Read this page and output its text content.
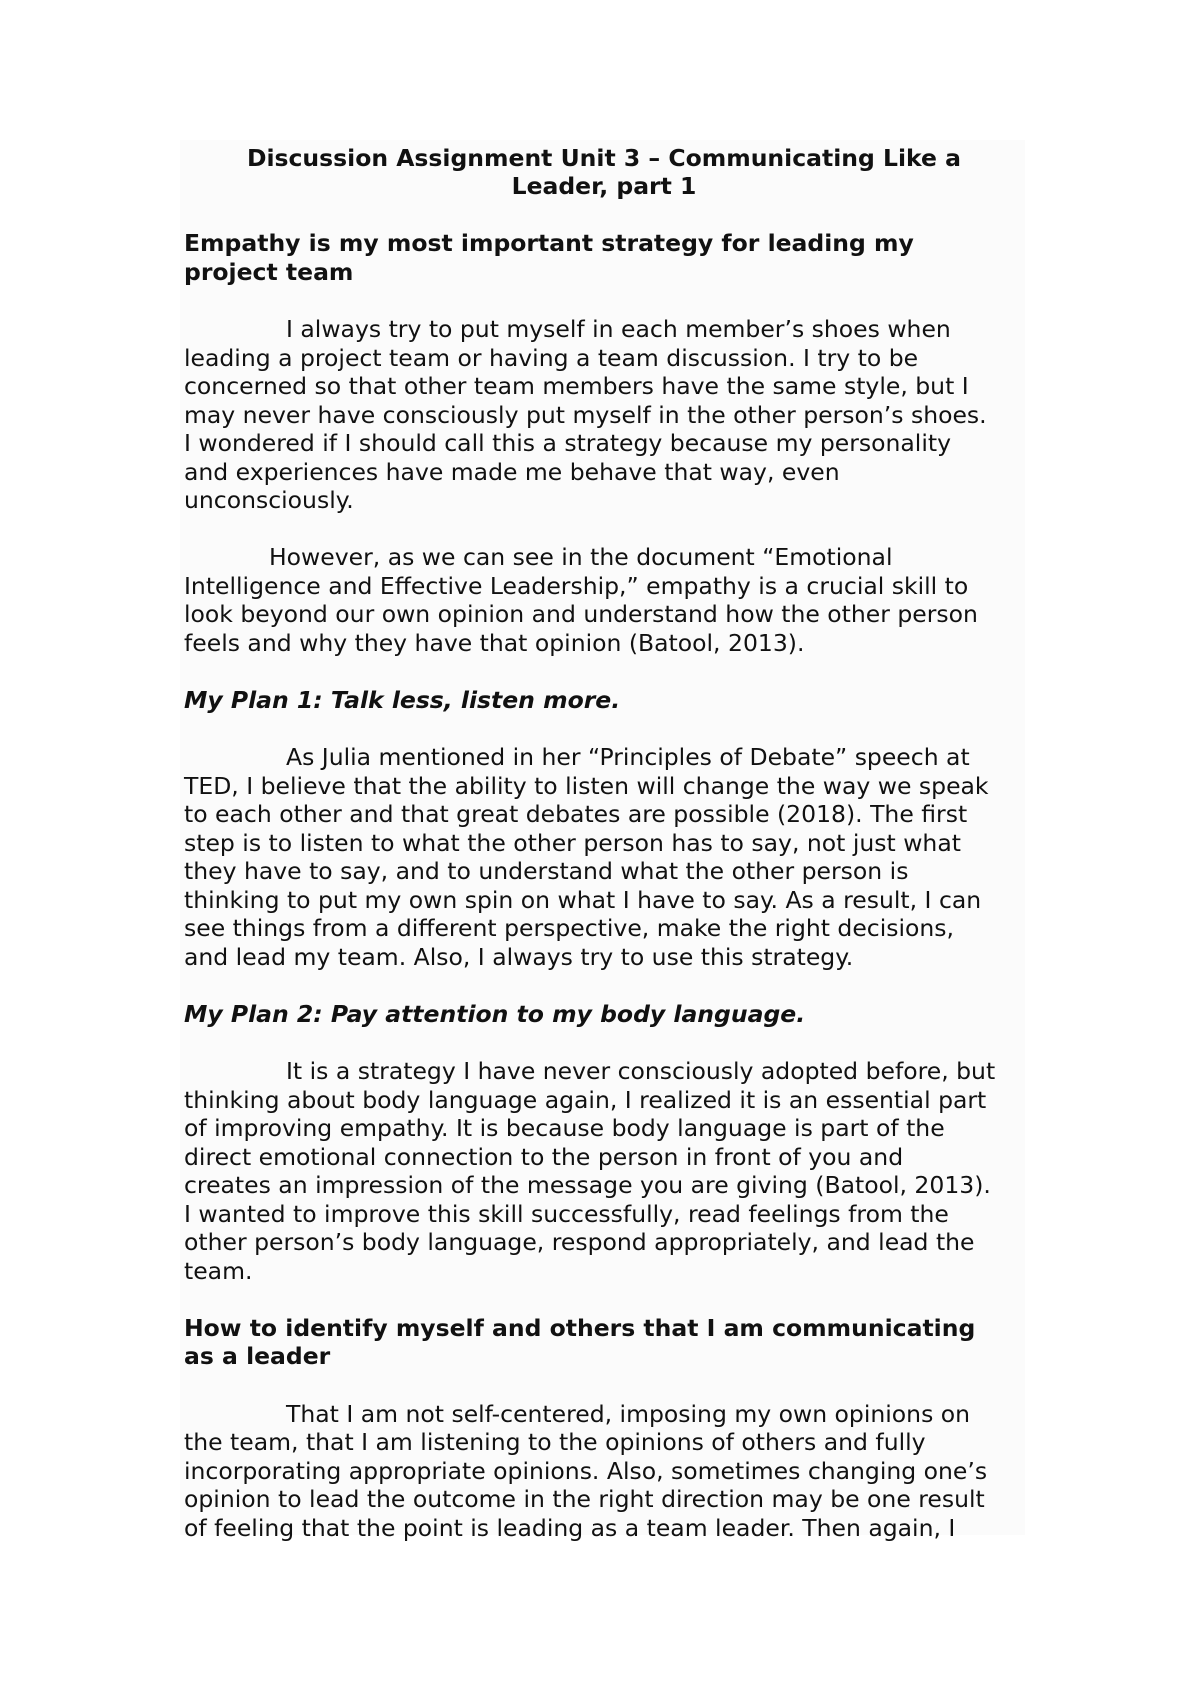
Discussion Assignment Unit 3 – Communicating Like a
Leader, part 1
Empathy is my most important strategy for leading my
project team
I always try to put myself in each member’s shoes when
leading a project team or having a team discussion. I try to be
concerned so that other team members have the same style, but I
may never have consciously put myself in the other person’s shoes.
I wondered if I should call this a strategy because my personality
and experiences have made me behave that way, even
unconsciously.
However, as we can see in the document “Emotional
Intelligence and Effective Leadership,” empathy is a crucial skill to
look beyond our own opinion and understand how the other person
feels and why they have that opinion (Batool, 2013).
My Plan 1: Talk less, listen more.
As Julia mentioned in her “Principles of Debate” speech at
TED, I believe that the ability to listen will change the way we speak
to each other and that great debates are possible (2018). The first
step is to listen to what the other person has to say, not just what
they have to say, and to understand what the other person is
thinking to put my own spin on what I have to say. As a result, I can
see things from a different perspective, make the right decisions,
and lead my team. Also, I always try to use this strategy.
My Plan 2: Pay attention to my body language.
It is a strategy I have never consciously adopted before, but
thinking about body language again, I realized it is an essential part
of improving empathy. It is because body language is part of the
direct emotional connection to the person in front of you and
creates an impression of the message you are giving (Batool, 2013).
I wanted to improve this skill successfully, read feelings from the
other person’s body language, respond appropriately, and lead the
team.
How to identify myself and others that I am communicating
as a leader
That I am not self-centered, imposing my own opinions on
the team, that I am listening to the opinions of others and fully
incorporating appropriate opinions. Also, sometimes changing one’s
opinion to lead the outcome in the right direction may be one result
of feeling that the point is leading as a team leader. Then again, I
